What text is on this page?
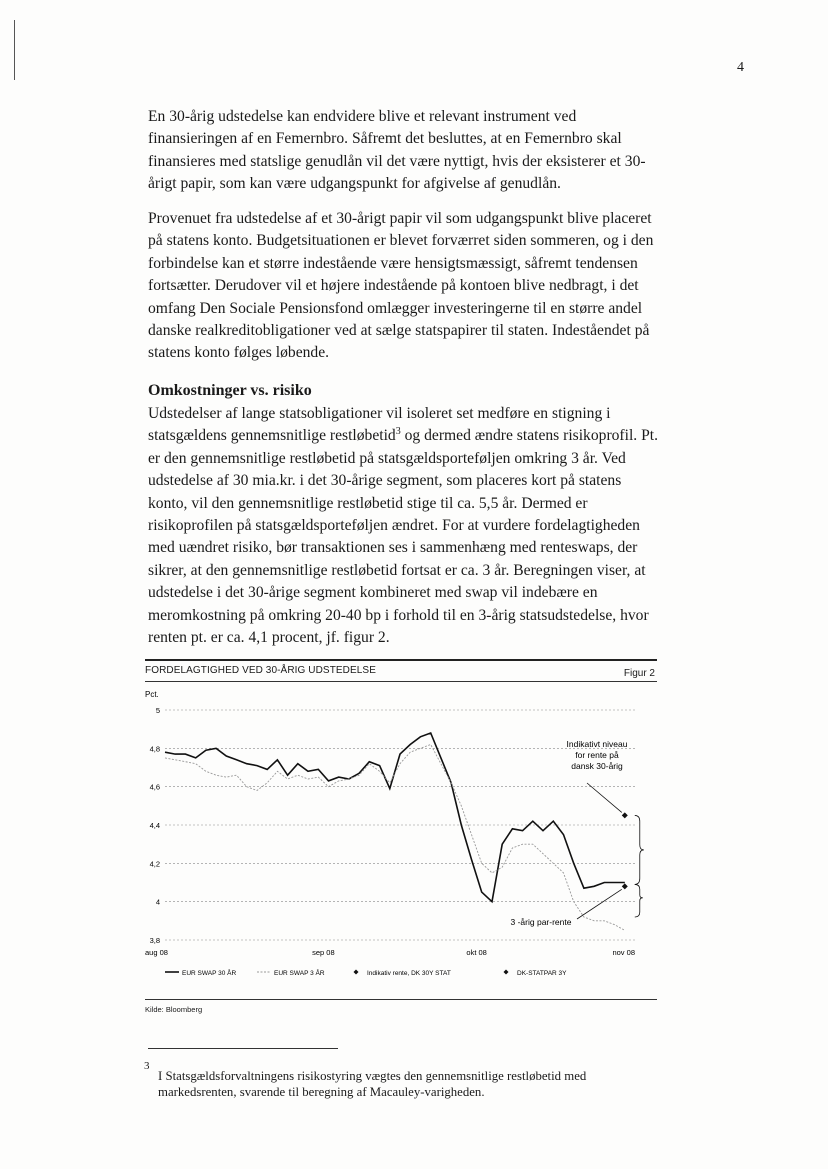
4

En 30-årig udstedelse kan endvidere blive et relevant instrument ved finansieringen af en Femernbro. Såfremt det besluttes, at en Femernbro skal finansieres med statslige genudlån vil det være nyttigt, hvis der eksisterer et 30-årigt papir, som kan være udgangspunkt for afgivelse af genudlån.

Provenuet fra udstedelse af et 30-årigt papir vil som udgangspunkt blive placeret på statens konto. Budgetsituationen er blevet forværret siden sommeren, og i den forbindelse kan et større indestående være hensigtsmæssigt, såfremt tendensen fortsætter. Derudover vil et højere indestående på kontoen blive nedbragt, i det omfang Den Sociale Pensionsfond omlægger investeringerne til en større andel danske realkreditobligationer ved at sælge statspapirer til staten. Indeståendet på statens konto følges løbende.

Omkostninger vs. risiko

Udstedelser af lange statsobligationer vil isoleret set medføre en stigning i statsgældens gennemsnitlige restløbetid$^3$ og dermed ændre statens risikoprofil. Pt. er den gennemsnitlige restløbetid på statsgældsporteføljen omkring 3 år. Ved udstedelse af 30 mia.kr. i det 30-årige segment, som placeres kort på statens konto, vil den gennemsnitlige restløbetid stige til ca. 5,5 år. Dermed er risikoprofilen på statsgældsporteføljen ændret. For at vurdere fordelagtigheden med uændret risiko, bør transaktionen ses i sammenhæng med renteswaps, der sikrer, at den gennemsnitlige restløbetid fortsat er ca. 3 år. Beregningen viser, at udstedelse i det 30-årige segment kombineret med swap vil indebære en meromkostning på omkring 20-40 bp i forhold til en 3-årig statsudstedelse, hvor renten pt. er ca. 4,1 procent, jf. figur 2.

FORDELAGTIGHED VED 30-ÅRIG UDSTEDELSE	Figur 2
Pct.
5
4,8
4,6
4,4
4,2
4
3,8
aug 08	sep 08	okt 08	nov 08
Indikativt niveau
for rente på
dansk 30-årig
3 -årig par-rente
EUR SWAP 30 ÅR	EUR SWAP 3 ÅR	Indikativ rente, DK 30Y STAT	DK-STATPAR 3Y
Kilde: Bloomberg
3

I Statsgældsforvaltningens risikostyring vægtes den gennemsnitlige restløbetid med markedsrenten, svarende til beregning af Macauley-varigheden.
